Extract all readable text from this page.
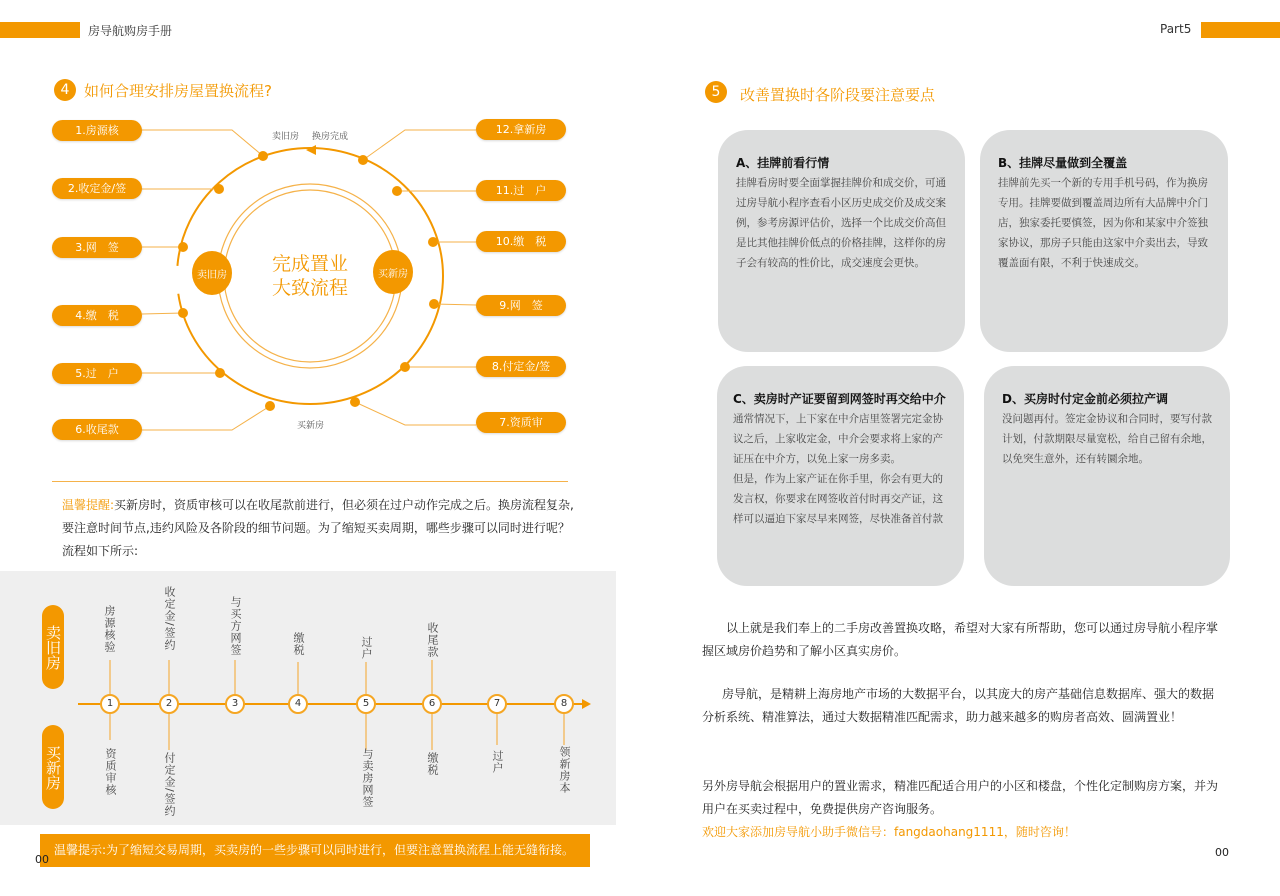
房导航购房手册	Part5
4 如何合理安排房屋置换流程?
卖旧房	买新房
完成置业
大致流程
卖旧房 换房完成
买新房
1.房源核
2.收定金/签
3.网　签
4.缴　税
5.过　户
6.收尾款
12.拿新房
11.过　户
10.缴　税
9.网　签
8.付定金/签
7.资质审
温馨提醒:买新房时，资质审核可以在收尾款前进行，但必须在过户动作完成之后。换房流程复杂,要注意时间节点,违约风险及各阶段的细节问题。为了缩短买卖周期，哪些步骤可以同时进行呢？流程如下所示:
卖旧房
买新房
1	2	3	4	5	6	7	8
房源核验	收定金/签约	与买方网签	缴税	过户	收尾款
资质审核	付定金/签约	与卖房网签	缴税	过户	领新房本
温馨提示:为了缩短交易周期，买卖房的一些步骤可以同时进行，但要注意置换流程上能无缝衔接。
00
5	改善置换时各阶段要注意要点
A、挂牌前看行情

挂牌看房时要全面掌握挂牌价和成交价，可通过房导航小程序查看小区历史成交价及成交案例，参考房源评估价，选择一个比成交价高但是比其他挂牌价低点的价格挂牌，这样你的房子会有较高的性价比，成交速度会更快。

B、挂牌尽量做到全覆盖

挂牌前先买一个新的专用手机号码，作为换房专用。挂牌要做到覆盖周边所有大品牌中介门店，独家委托要慎签，因为你和某家中介签独家协议，那房子只能由这家中介卖出去，导致覆盖面有限，不利于快速成交。

C、卖房时产证要留到网签时再交给中介

通常情况下，上下家在中介店里签署完定金协议之后，上家收定金，中介会要求将上家的产证压在中介方，以免上家一房多卖。

但是，作为上家产证在你手里，你会有更大的发言权，你要求在网签收首付时再交产证，这样可以逼迫下家尽早来网签，尽快准备首付款

D、买房时付定金前必须拉产调

没问题再付。签定金协议和合同时，要写付款计划，付款期限尽量宽松，给自己留有余地，以免突生意外，还有转圜余地。

以上就是我们奉上的二手房改善置换攻略，希望对大家有所帮助，您可以通过房导航小程序掌握区域房价趋势和了解小区真实房价。
房导航，是精耕上海房地产市场的大数据平台，以其庞大的房产基础信息数据库、强大的数据分析系统、精准算法，通过大数据精准匹配需求，助力越来越多的购房者高效、圆满置业！
另外房导航会根据用户的置业需求，精准匹配适合用户的小区和楼盘，个性化定制购房方案，并为用户在买卖过程中，免费提供房产咨询服务。
欢迎大家添加房导航小助手微信号：fangdaohang1111，随时咨询！
00
